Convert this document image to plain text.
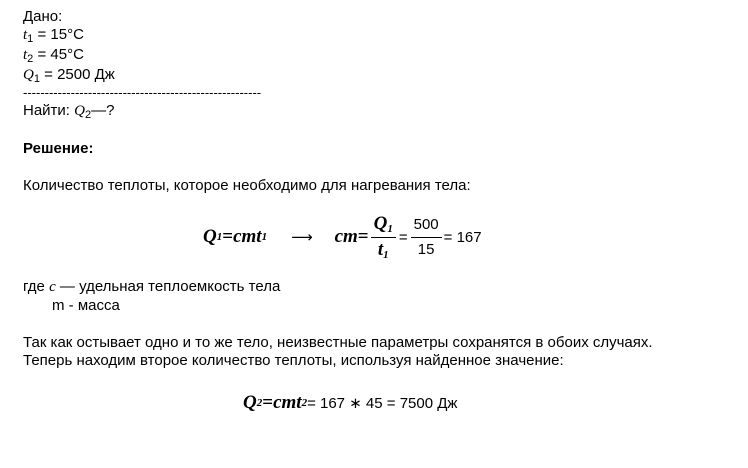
Дано:
$t_1 = 15^\circ C$
$t_2 = 45^\circ C$
$Q_1 = 2500$ Дж
-------------------------------------------------------
Найти: $Q_2—$?
Решение:
Количество теплоты, которое необходимо для нагревания тела:
Q 1 = cmt 1 ⟶ cm = $\frac{Q_1}{t_1} = \frac{500}{15} = 167$
где c — удельная теплоемкость тела
m - масса
Так как остывает одно и то же тело, неизвестные параметры сохранятся в обоих случаях.
Теперь находим второе количество теплоты, используя найденное значение:
Q 2 = cmt 2 = 167 ∗ 45 = 7500 Дж
